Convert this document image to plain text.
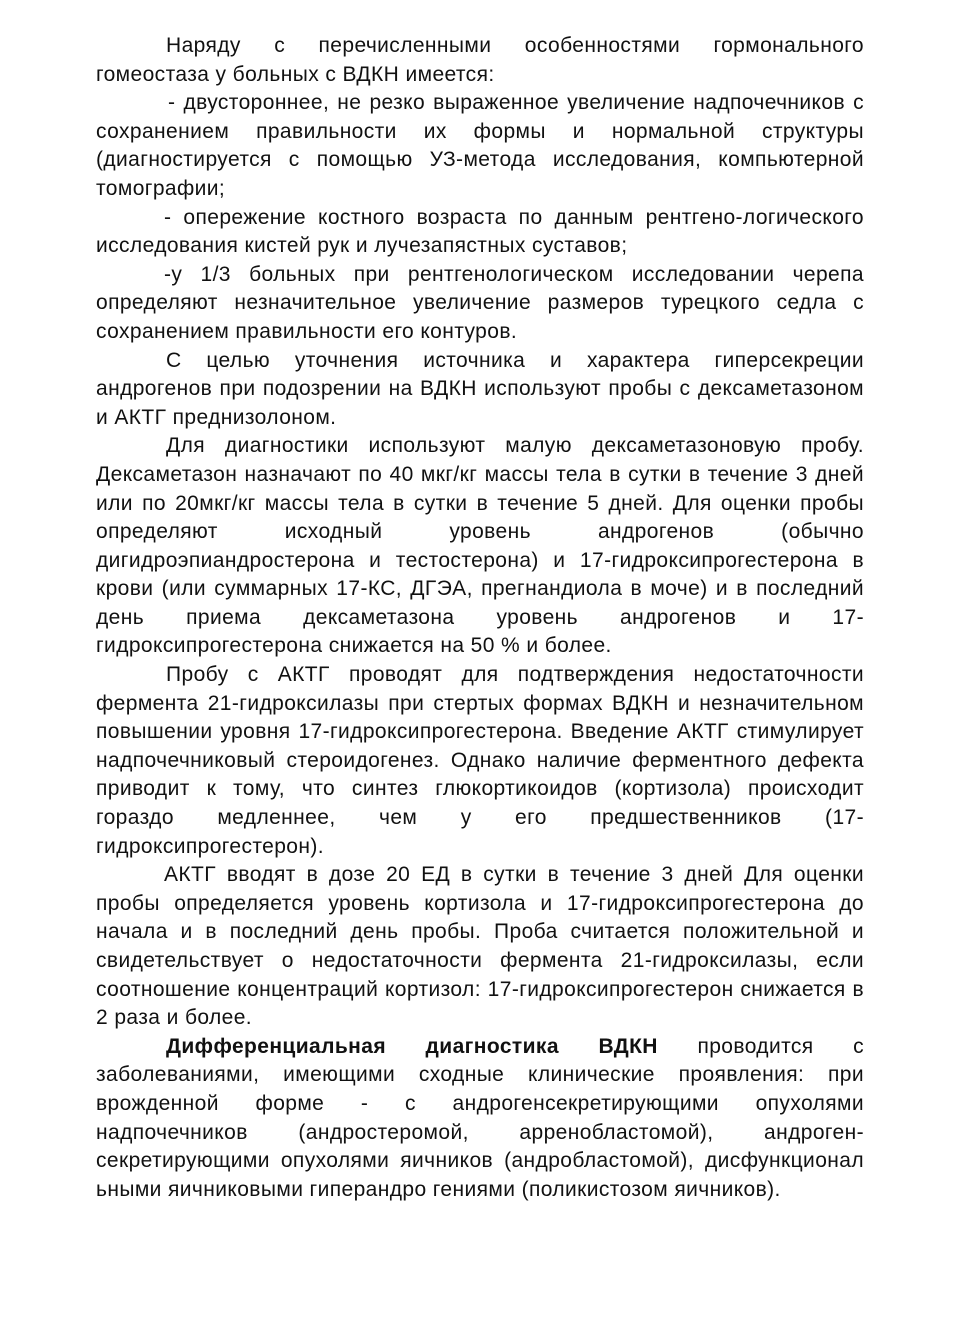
Наряду с перечисленными особенностями гормонального гомеостаза у больных с ВДКН имеется:

- двустороннее, не резко выраженное увеличение надпочечников с сохранением правильности их формы и нормальной структуры (диагностируется с помощью УЗ-метода исследования, компьютерной томографии;

- опережение костного возраста по данным рентгено-логического исследования кистей рук и лучезапястных суставов;

-у 1/3 больных при рентгенологическом исследовании черепа определяют незначительное увеличение размеров турецкого седла с сохранением правильности его контуров.

С целью уточнения источника и характера гиперсекреции андрогенов при подозрении на ВДКН используют пробы с дексаметазоном и АКТГ преднизолоном.

Для диагностики используют малую дексаметазоновую пробу. Дексаметазон назначают по 40 мкг/кг массы тела в сутки в течение 3 дней или по 20мкг/кг массы тела в сутки в течение 5 дней. Для оценки пробы определяют исходный уровень андрогенов (обычно дигидроэпиандростерона и тестостерона) и 17-гидроксипрогестерона в крови (или суммарных 17-КС, ДГЭА, прегнандиола в моче) и в последний день приема дексаметазона уровень андрогенов и 17-гидроксипрогестерона снижается на 50 % и более.

Пробу с АКТГ проводят для подтверждения недостаточности фермента 21-гидроксилазы при стертых формах ВДКН и незначительном повышении уровня 17-гидроксипрогестерона. Введение АКТГ стимулирует надпочечниковый стероидогенез. Однако наличие ферментного дефекта приводит к тому, что синтез глюкортикоидов (кортизола) происходит гораздо медленнее, чем у его предшественников (17-гидроксипрогестерон).

АКТГ вводят в дозе 20 ЕД в сутки в течение 3 дней Для оценки пробы определяется уровень кортизола и 17-гидроксипрогестерона до начала и в последний день пробы. Проба считается положительной и свидетельствует о недостаточности фермента 21-гидроксилазы, если соотношение концентраций кортизол: 17-гидроксипрогестерон снижается в 2 раза и более.

Дифференциальная диагностика ВДКН проводится с заболеваниями, имеющими сходные клинические проявления: при врожденной форме - с андрогенсекретирующими опухолями надпочечников (андростеромой, арренобластомой), андроген-секретирующими опухолями яичников (андробластомой), дисфункционал ьными яичниковыми гиперандро гениями (поликистозом яичников).
